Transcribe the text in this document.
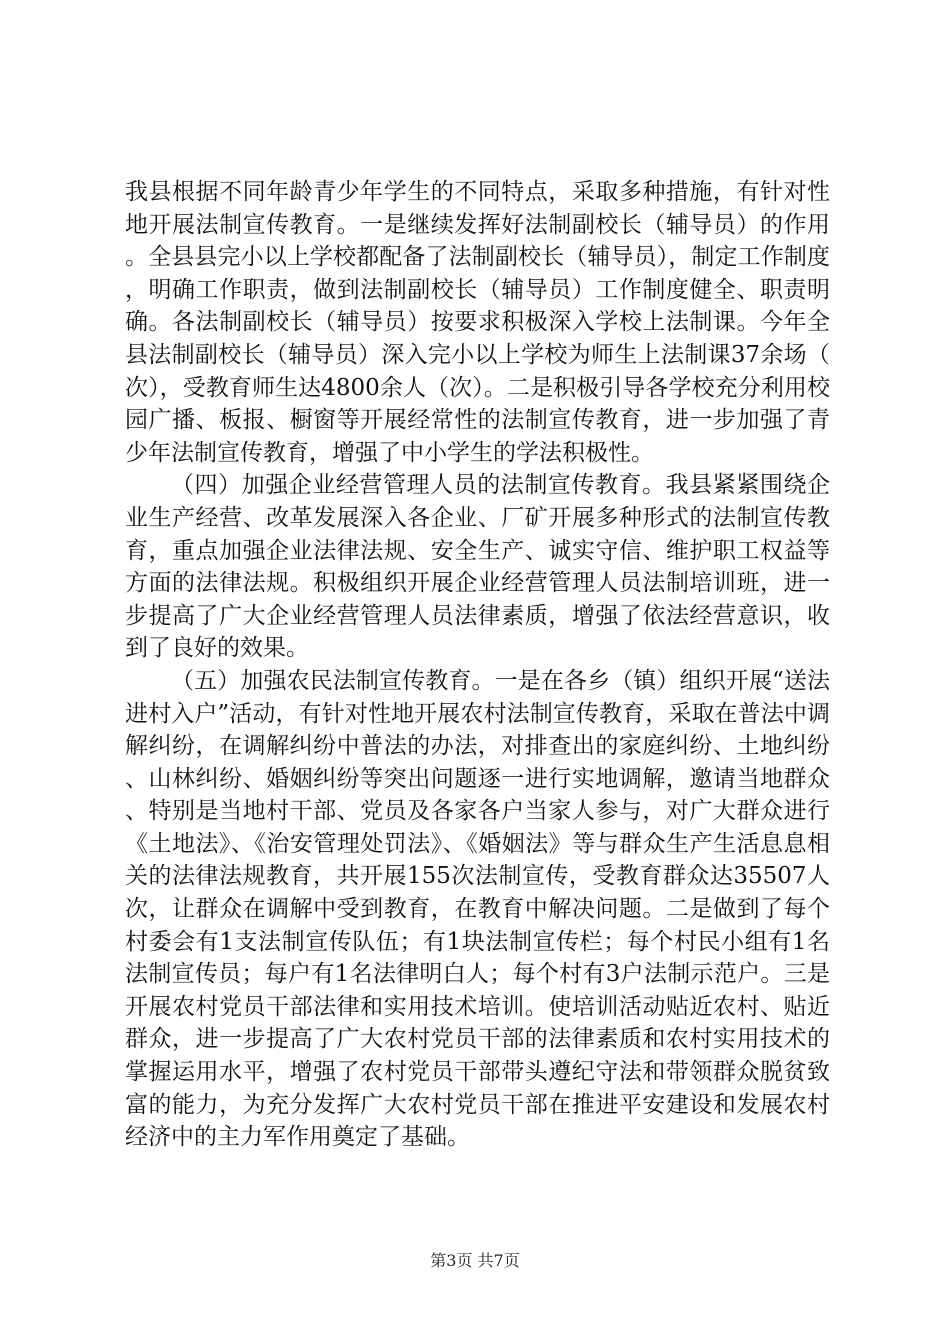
我县根据不同年龄青少年学生的不同特点，采取多种措施，有针对性地开展法制宣传教育。一是继续发挥好法制副校长（辅导员）的作用。全县县完小以上学校都配备了法制副校长（辅导员），制定工作制度，明确工作职责，做到法制副校长（辅导员）工作制度健全、职责明确。各法制副校长（辅导员）按要求积极深入学校上法制课。今年全县法制副校长（辅导员）深入完小以上学校为师生上法制课37余场（次），受教育师生达4800余人（次）。二是积极引导各学校充分利用校园广播、板报、橱窗等开展经常性的法制宣传教育，进一步加强了青少年法制宣传教育，增强了中小学生的学法积极性。

（四）加强企业经营管理人员的法制宣传教育。我县紧紧围绕企业生产经营、改革发展深入各企业、厂矿开展多种形式的法制宣传教育，重点加强企业法律法规、安全生产、诚实守信、维护职工权益等方面的法律法规。积极组织开展企业经营管理人员法制培训班，进一步提高了广大企业经营管理人员法律素质，增强了依法经营意识，收到了良好的效果。

（五）加强农民法制宣传教育。一是在各乡（镇）组织开展“送法进村入户”活动，有针对性地开展农村法制宣传教育，采取在普法中调解纠纷，在调解纠纷中普法的办法，对排查出的家庭纠纷、土地纠纷、山林纠纷、婚姻纠纷等突出问题逐一进行实地调解，邀请当地群众、特别是当地村干部、党员及各家各户当家人参与，对广大群众进行《土地法》、《治安管理处罚法》、《婚姻法》等与群众生产生活息息相关的法律法规教育，共开展155次法制宣传，受教育群众达35507人次，让群众在调解中受到教育，在教育中解决问题。二是做到了每个村委会有1支法制宣传队伍；有1块法制宣传栏；每个村民小组有1名法制宣传员；每户有1名法律明白人；每个村有3户法制示范户。三是开展农村党员干部法律和实用技术培训。使培训活动贴近农村、贴近群众，进一步提高了广大农村党员干部的法律素质和农村实用技术的掌握运用水平，增强了农村党员干部带头遵纪守法和带领群众脱贫致富的能力，为充分发挥广大农村党员干部在推进平安建设和发展农村经济中的主力军作用奠定了基础。

第3页 共7页
